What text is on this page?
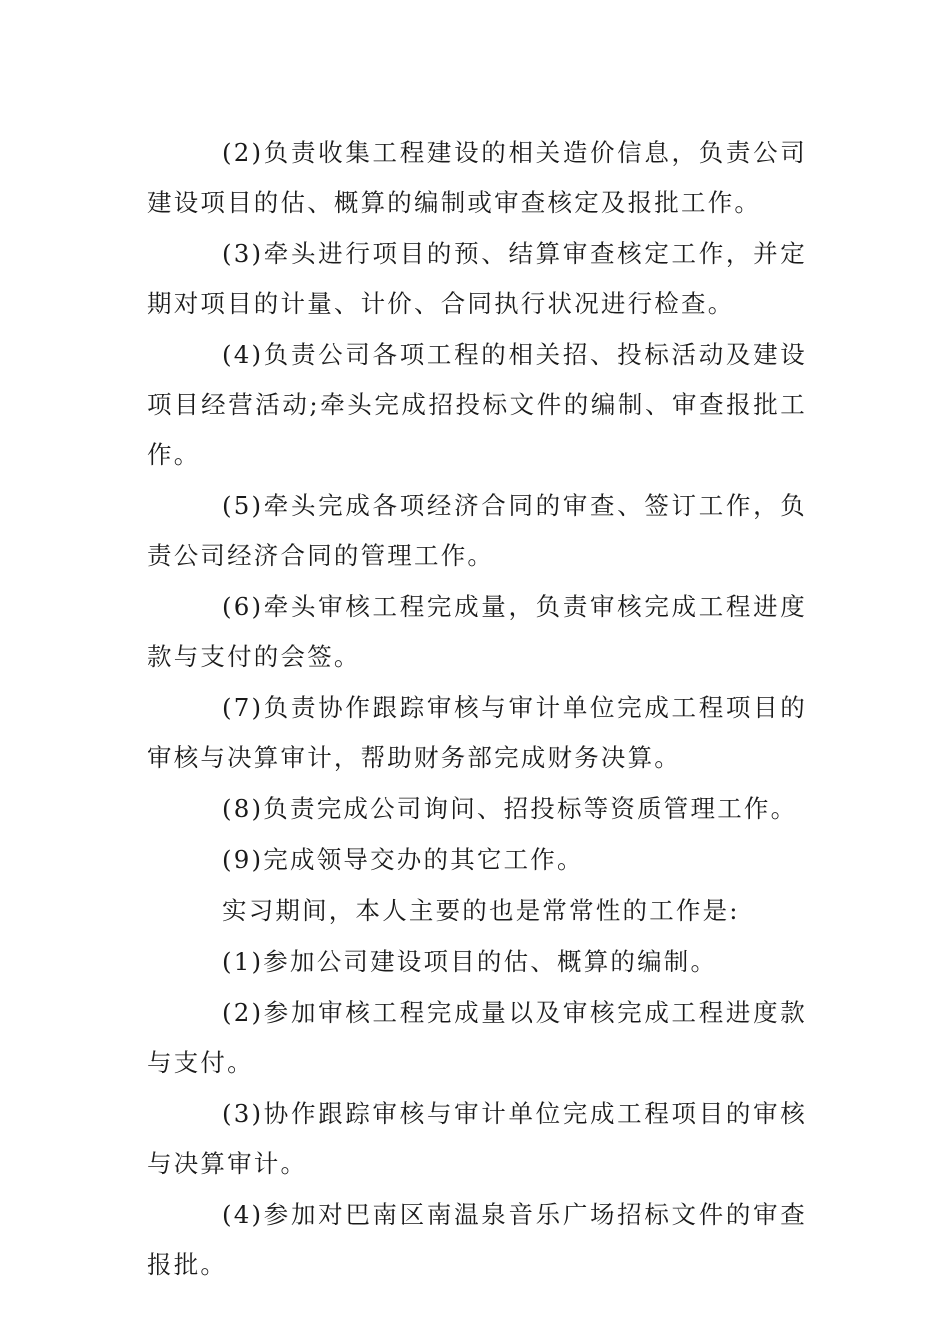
(2)负责收集工程建设的相关造价信息，负责公司建设项目的估、概算的编制或审查核定及报批工作。

(3)牵头进行项目的预、结算审查核定工作，并定期对项目的计量、计价、合同执行状况进行检查。

(4)负责公司各项工程的相关招、投标活动及建设项目经营活动;牵头完成招投标文件的编制、审查报批工作。

(5)牵头完成各项经济合同的审查、签订工作，负责公司经济合同的管理工作。

(6)牵头审核工程完成量，负责审核完成工程进度款与支付的会签。

(7)负责协作跟踪审核与审计单位完成工程项目的审核与决算审计，帮助财务部完成财务决算。

(8)负责完成公司询问、招投标等资质管理工作。

(9)完成领导交办的其它工作。

实习期间，本人主要的也是常常性的工作是:

(1)参加公司建设项目的估、概算的编制。

(2)参加审核工程完成量以及审核完成工程进度款与支付。

(3)协作跟踪审核与审计单位完成工程项目的审核与决算审计。

(4)参加对巴南区南温泉音乐广场招标文件的审查报批。
